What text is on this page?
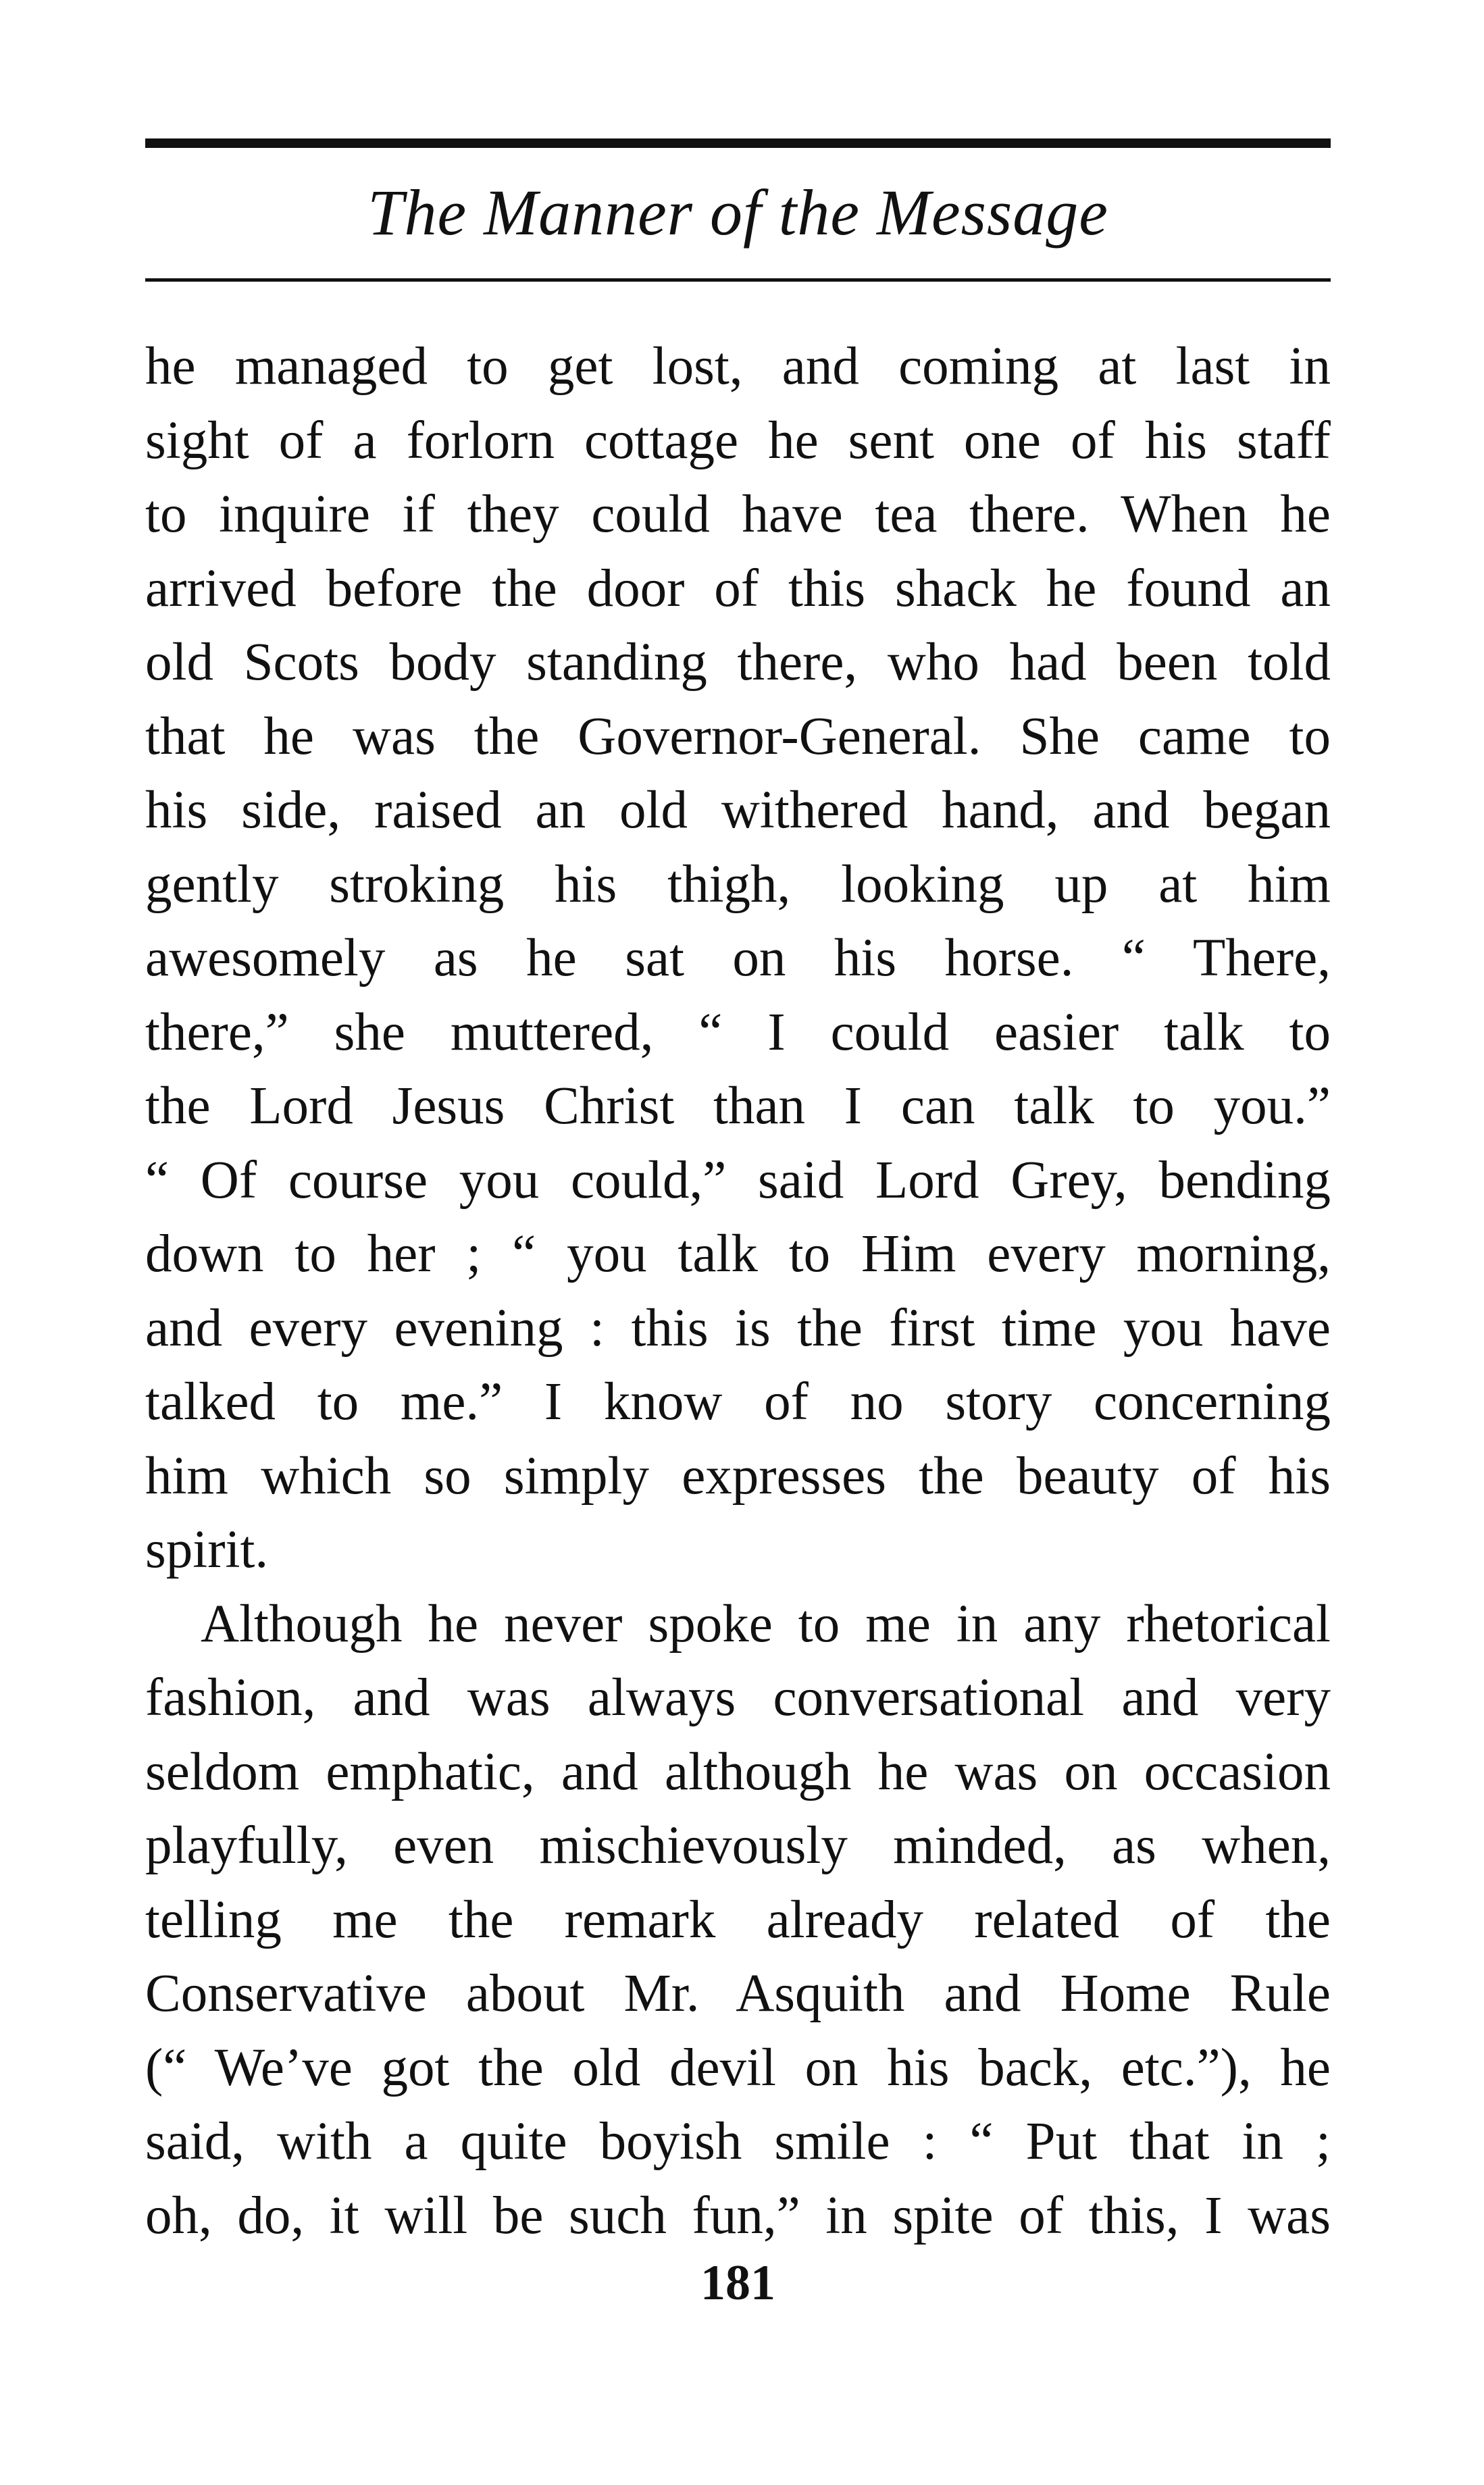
The Manner of the Message
he managed to get lost, and coming at last in
sight of a forlorn cottage he sent one of his staff
to inquire if they could have tea there. When he
arrived before the door of this shack he found an
old Scots body standing there, who had been told
that he was the Governor-General. She came to
his side, raised an old withered hand, and began
gently stroking his thigh, looking up at him
awesomely as he sat on his horse. “ There,
there,” she muttered, “ I could easier talk to
the Lord Jesus Christ than I can talk to you.”
“ Of course you could,” said Lord Grey, bending
down to her ; “ you talk to Him every morning,
and every evening : this is the first time you have
talked to me.” I know of no story concerning
him which so simply expresses the beauty of his
spirit.
Although he never spoke to me in any rhetorical
fashion, and was always conversational and very
seldom emphatic, and although he was on occasion
playfully, even mischievously minded, as when,
telling me the remark already related of the
Conservative about Mr. Asquith and Home Rule
(“ We’ve got the old devil on his back, etc.”), he
said, with a quite boyish smile : “ Put that in ;
oh, do, it will be such fun,” in spite of this, I was
181
